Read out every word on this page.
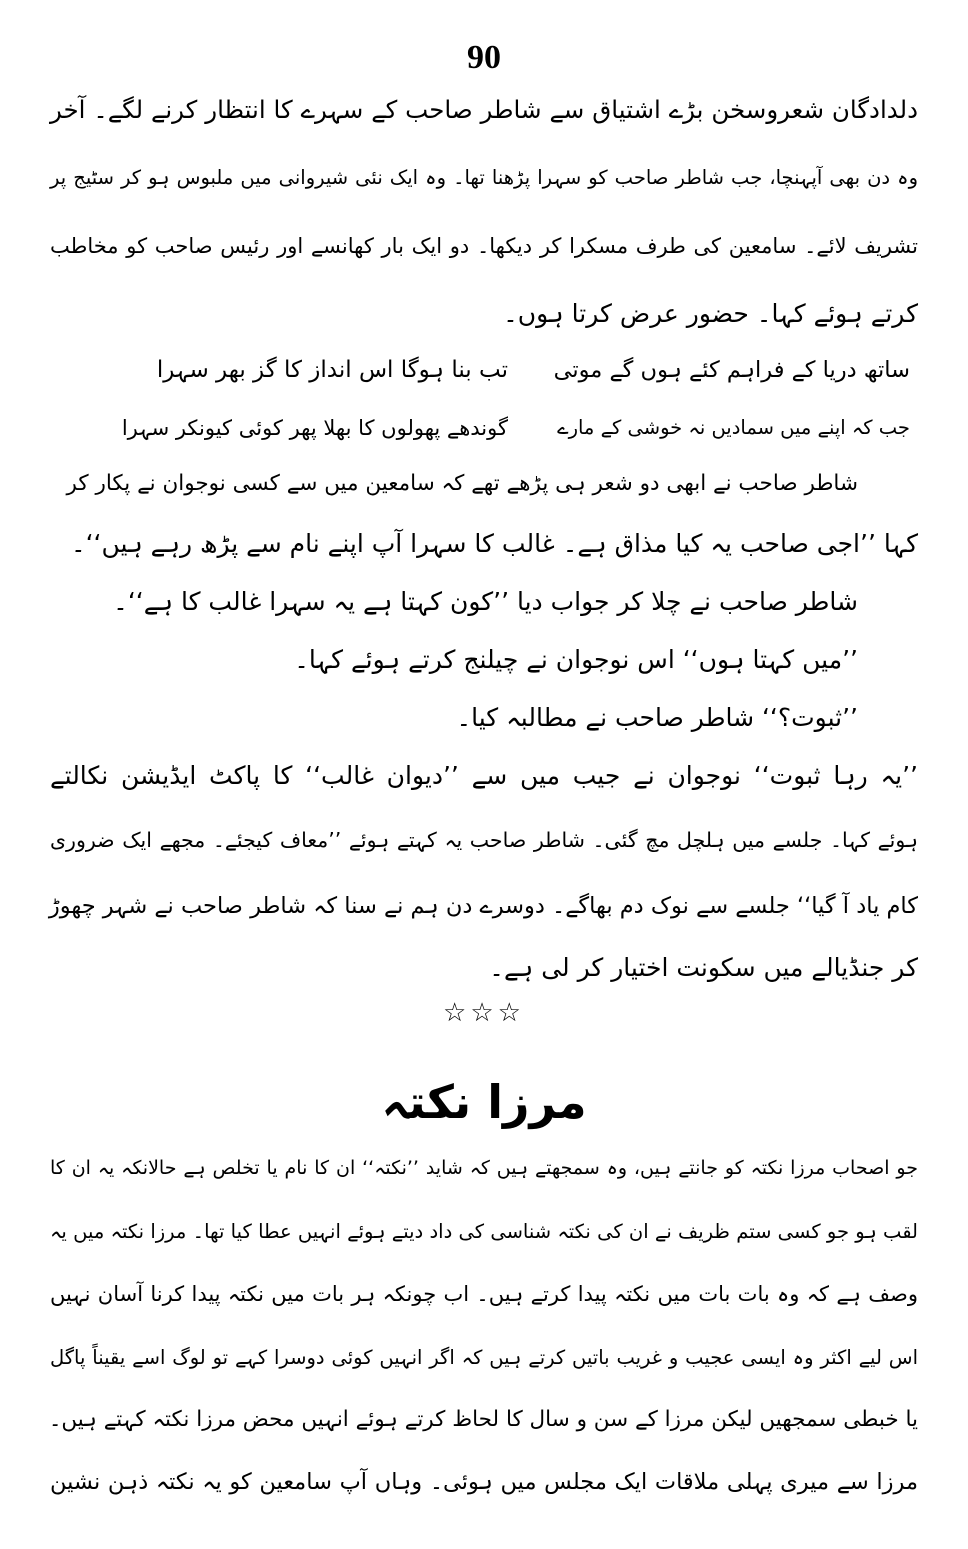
90
دلدادگان شعروسخن بڑے اشتیاق سے شاطر صاحب کے سہرے کا انتظار کرنے لگے۔ آخر
وہ دن بھی آپہنچا، جب شاطر صاحب کو سہرا پڑھنا تھا۔ وہ ایک نئی شیروانی میں ملبوس ہو کر سٹیج پر
تشریف لائے۔ سامعین کی طرف مسکرا کر دیکھا۔ دو ایک بار کھانسے اور رئیس صاحب کو مخاطب
کرتے ہوئے کہا۔ حضور عرض کرتا ہوں۔
ساتھ دریا کے فراہم کئے ہوں گے موتی
تب بنا ہوگا اس انداز کا گز بھر سہرا
جب کہ اپنے میں سمادیں نہ خوشی کے مارے
گوندھے پھولوں کا بھلا پھر کوئی کیونکر سہرا
شاطر صاحب نے ابھی دو شعر ہی پڑھے تھے کہ سامعین میں سے کسی نوجوان نے پکار کر
کہا ’’اجی صاحب یہ کیا مذاق ہے۔ غالب کا سہرا آپ اپنے نام سے پڑھ رہے ہیں‘‘۔
شاطر صاحب نے چلا کر جواب دیا ’’کون کہتا ہے یہ سہرا غالب کا ہے‘‘۔
’’میں کہتا ہوں‘‘ اس نوجوان نے چیلنج کرتے ہوئے کہا۔
’’ثبوت؟‘‘ شاطر صاحب نے مطالبہ کیا۔
’’یہ رہا ثبوت‘‘ نوجوان نے جیب میں سے ’’دیوان غالب‘‘ کا پاکٹ ایڈیشن نکالتے
ہوئے کہا۔ جلسے میں ہلچل مچ گئی۔ شاطر صاحب یہ کہتے ہوئے ’’معاف کیجئے۔ مجھے ایک ضروری
کام یاد آ گیا‘‘ جلسے سے نوک دم بھاگے۔ دوسرے دن ہم نے سنا کہ شاطر صاحب نے شہر چھوڑ
کر جنڈیالے میں سکونت اختیار کر لی ہے۔
☆☆☆
مرزا نکتہ
جو اصحاب مرزا نکتہ کو جانتے ہیں، وہ سمجھتے ہیں کہ شاید ’’نکتہ‘‘ ان کا نام یا تخلص ہے حالانکہ یہ ان کا
لقب ہو جو کسی ستم ظریف نے ان کی نکتہ شناسی کی داد دیتے ہوئے انہیں عطا کیا تھا۔ مرزا نکتہ میں یہ
وصف ہے کہ وہ بات بات میں نکتہ پیدا کرتے ہیں۔ اب چونکہ ہر بات میں نکتہ پیدا کرنا آسان نہیں
اس لیے اکثر وہ ایسی عجیب و غریب باتیں کرتے ہیں کہ اگر انہیں کوئی دوسرا کہے تو لوگ اسے یقیناً پاگل
یا خبطی سمجھیں لیکن مرزا کے سن و سال کا لحاظ کرتے ہوئے انہیں محض مرزا نکتہ کہتے ہیں۔
مرزا سے میری پہلی ملاقات ایک مجلس میں ہوئی۔ وہاں آپ سامعین کو یہ نکتہ ذہن نشین
